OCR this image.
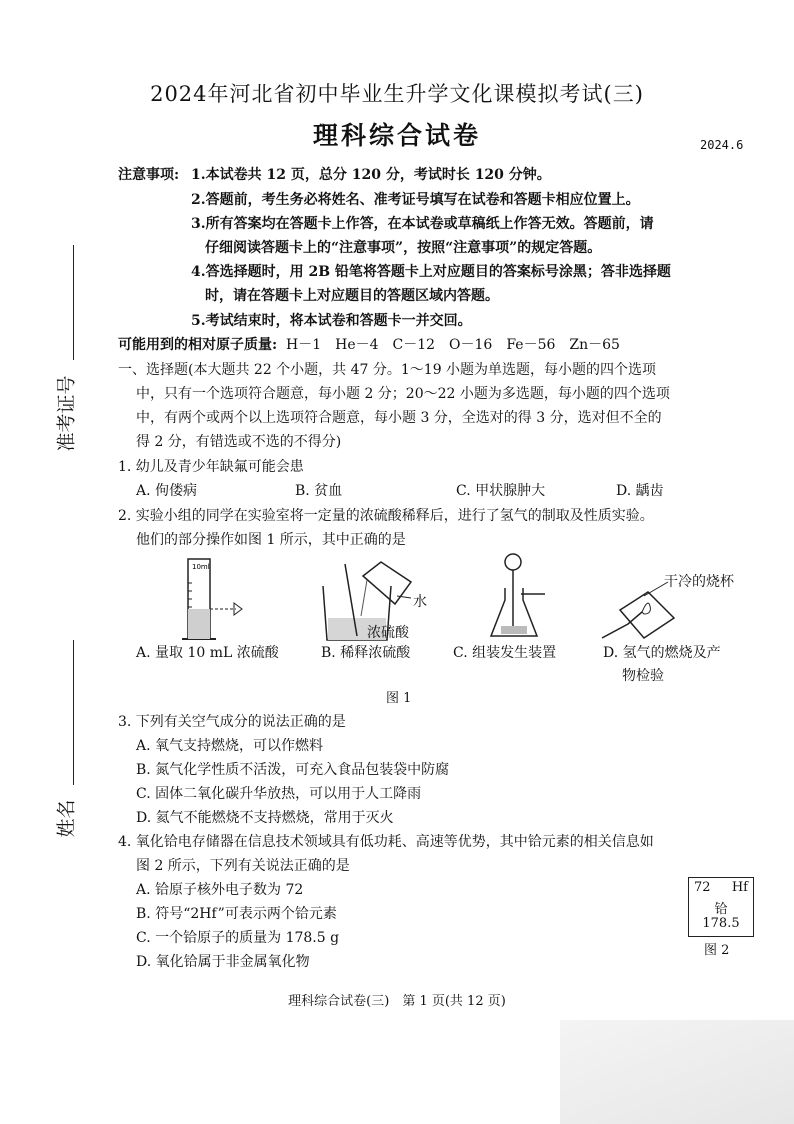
2024年河北省初中毕业生升学文化课模拟考试(三)
理科综合试卷	2024.6
准考证号
姓名
注意事项: 1.本试卷共 12 页，总分 120 分，考试时长 120 分钟。
2.答题前，考生务必将姓名、准考证号填写在试卷和答题卡相应位置上。
3.所有答案均在答题卡上作答，在本试卷或草稿纸上作答无效。答题前，请
仔细阅读答题卡上的“注意事项”，按照“注意事项”的规定答题。
4.答选择题时，用 2B 铅笔将答题卡上对应题目的答案标号涂黑；答非选择题
时，请在答题卡上对应题目的答题区域内答题。
5.考试结束时，将本试卷和答题卡一并交回。
可能用到的相对原子质量: H－1　He－4　C－12　O－16　Fe－56　Zn－65
一、选择题(本大题共 22 个小题，共 47 分。1～19 小题为单选题，每小题的四个选项
中，只有一个选项符合题意，每小题 2 分；20～22 小题为多选题，每小题的四个选项
中，有两个或两个以上选项符合题意，每小题 3 分，全选对的得 3 分，选对但不全的
得 2 分，有错选或不选的不得分)
1. 幼儿及青少年缺氟可能会患
A. 佝偻病	B. 贫血	C. 甲状腺肿大	D. 龋齿
2. 实验小组的同学在实验室将一定量的浓硫酸稀释后，进行了氢气的制取及性质实验。
他们的部分操作如图 1 所示，其中正确的是
10ml
水
浓硫酸
干冷的烧杯
A. 量取 10 mL 浓硫酸	B. 稀释浓硫酸	C. 组装发生装置	D. 氢气的燃烧及产
物检验
图 1
3. 下列有关空气成分的说法正确的是
A. 氧气支持燃烧，可以作燃料
B. 氮气化学性质不活泼，可充入食品包装袋中防腐
C. 固体二氧化碳升华放热，可以用于人工降雨
D. 氦气不能燃烧不支持燃烧，常用于灭火
4. 氧化铪电存储器在信息技术领域具有低功耗、高速等优势，其中铪元素的相关信息如
图 2 所示，下列有关说法正确的是
A. 铪原子核外电子数为 72
B. 符号“2Hf”可表示两个铪元素
C. 一个铪原子的质量为 178.5 g
D. 氧化铪属于非金属氧化物
72 Hf
铪
178.5
图 2
理科综合试卷(三)　第 1 页(共 12 页)
